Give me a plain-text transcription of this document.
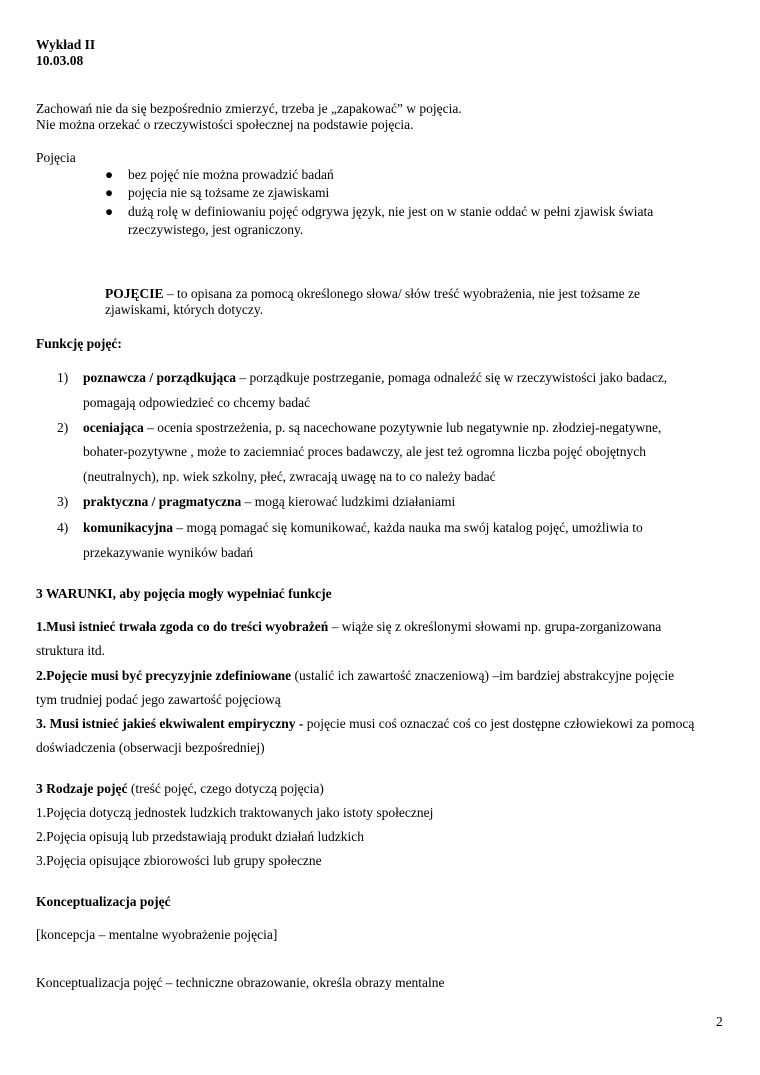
Wykład II
10.03.08
Zachowań nie da się bezpośrednio zmierzyć, trzeba je „zapakować” w pojęcia.
Nie można orzekać o rzeczywistości społecznej na podstawie pojęcia.
Pojęcia
● bez pojęć nie można prowadzić badań
● pojęcia nie są tożsame ze zjawiskami
● dużą rolę w definiowaniu pojęć odgrywa język, nie jest on w stanie oddać w pełni zjawisk świata
rzeczywistego, jest ograniczony.
POJĘCIE – to opisana za pomocą określonego słowa/ słów treść wyobrażenia, nie jest tożsame ze
zjawiskami, których dotyczy.
Funkcję pojęć:
1) poznawcza / porządkująca – porządkuje postrzeganie, pomaga odnaleźć się w rzeczywistości jako badacz,
pomagają odpowiedzieć co chcemy badać
2) oceniająca – ocenia spostrzeżenia, p. są nacechowane pozytywnie lub negatywnie np. złodziej-negatywne,
bohater-pozytywne , może to zaciemniać proces badawczy, ale jest też ogromna liczba pojęć obojętnych
(neutralnych), np. wiek szkolny, płeć, zwracają uwagę na to co należy badać
3) praktyczna / pragmatyczna – mogą kierować ludzkimi działaniami
4) komunikacyjna – mogą pomagać się komunikować, każda nauka ma swój katalog pojęć, umożliwia to
przekazywanie wyników badań
3 WARUNKI, aby pojęcia mogły wypełniać funkcje
1.Musi istnieć trwała zgoda co do treści wyobrażeń – wiąże się z określonymi słowami np. grupa-zorganizowana
struktura itd.
2.Pojęcie musi być precyzyjnie zdefiniowane (ustalić ich zawartość znaczeniową) –im bardziej abstrakcyjne pojęcie
tym trudniej podać jego zawartość pojęciową
3. Musi istnieć jakieś ekwiwalent empiryczny - pojęcie musi coś oznaczać coś co jest dostępne człowiekowi za pomocą
doświadczenia (obserwacji bezpośredniej)
3 Rodzaje pojęć (treść pojęć, czego dotyczą pojęcia)
1.Pojęcia dotyczą jednostek ludzkich traktowanych jako istoty społecznej
2.Pojęcia opisują lub przedstawiają produkt działań ludzkich
3.Pojęcia opisujące zbiorowości lub grupy społeczne
Konceptualizacja pojęć
[koncepcja – mentalne wyobrażenie pojęcia]
Konceptualizacja pojęć – techniczne obrazowanie, określa obrazy mentalne
2
